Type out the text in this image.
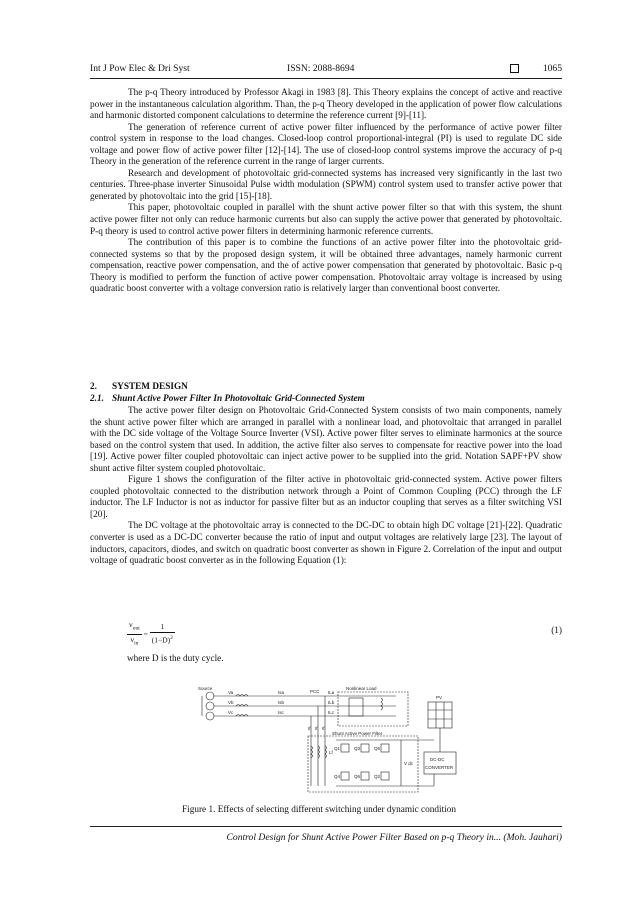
Int J Pow Elec & Dri Syst	ISSN: 2088-8694	1065

The p-q Theory introduced by Professor Akagi in 1983 [8]. This Theory explains the concept of active and reactive power in the instantaneous calculation algorithm. Than, the p-q Theory developed in the application of power flow calculations and harmonic distorted component calculations to determine the reference current [9]-[11].

The generation of reference current of active power filter influenced by the performance of active power filter control system in response to the load changes. Closed-loop control proportional-integral (PI) is used to regulate DC side voltage and power flow of active power filter [12]-[14]. The use of closed-loop control systems improve the accuracy of p-q Theory in the generation of the reference current in the range of larger currents.

Research and development of photovoltaic grid-connected systems has increased very significantly in the last two centuries. Three-phase inverter Sinusoidal Pulse width modulation (SPWM) control system used to transfer active power that generated by photovoltaic into the grid [15]-[18].

This paper, photovoltaic coupled in parallel with the shunt active power filter so that with this system, the shunt active power filter not only can reduce harmonic currents but also can supply the active power that generated by photovoltaic. P-q theory is used to control active power filters in determining harmonic reference currents.

The contribution of this paper is to combine the functions of an active power filter into the photovoltaic grid-connected systems so that by the proposed design system, it will be obtained three advantages, namely harmonic current compensation, reactive power compensation, and the of active power compensation that generated by photovoltaic. Basic p-q Theory is modified to perform the function of active power compensation. Photovoltaic array voltage is increased by using quadratic boost converter with a voltage conversion ratio is relatively larger than conventional boost converter.

2. SYSTEM DESIGN
2.1. Shunt Active Power Filter In Photovoltaic Grid-Connected System

The active power filter design on Photovoltaic Grid-Connected System consists of two main components, namely the shunt active power filter which are arranged in parallel with a nonlinear load, and photovoltaic that arranged in parallel with the DC side voltage of the Voltage Source Inverter (VSI). Active power filter serves to eliminate harmonics at the source based on the control system that used. In addition, the active filter also serves to compensate for reactive power into the load [19]. Active power filter coupled photovoltaic can inject active power to be supplied into the grid. Notation SAPF+PV show shunt active filter system coupled photovoltaic.

Figure 1 shows the configuration of the filter active in photovoltaic grid-connected system. Active power filters coupled photovoltaic connected to the distribution network through a Point of Common Coupling (PCC) through the LF inductor. The LF Inductor is not as inductor for passive filter but as an inductor coupling that serves as a filter switching VSI [20].

The DC voltage at the photovoltaic array is connected to the DC-DC to obtain high DC voltage [21]-[22]. Quadratic converter is used as a DC-DC converter because the ratio of input and output voltages are relatively large [23]. The layout of inductors, capacitors, diodes, and switch on quadratic boost converter as shown in Figure 2. Correlation of the input and output voltage of quadratic boost converter as in the following Equation (1):

$\frac{v_{out}}{v_{in}} = \frac{1}{(1-D)^2}$	(1)
where D is the duty cycle.
Source	Nonlinear Load
PCC
Va
Vb
Vc
Isa
Isb
Isc
ILa
ILb
ILc
Shunt Active Power Filter
PV
DC-DC
CONVERTER
V dc
Lf
If If If
Q1	Q3	Q5
Q4	Q6	Q2
Figure 1. Effects of selecting different switching under dynamic condition
Control Design for Shunt Active Power Filter Based on p-q Theory in... (Moh. Jauhari)
